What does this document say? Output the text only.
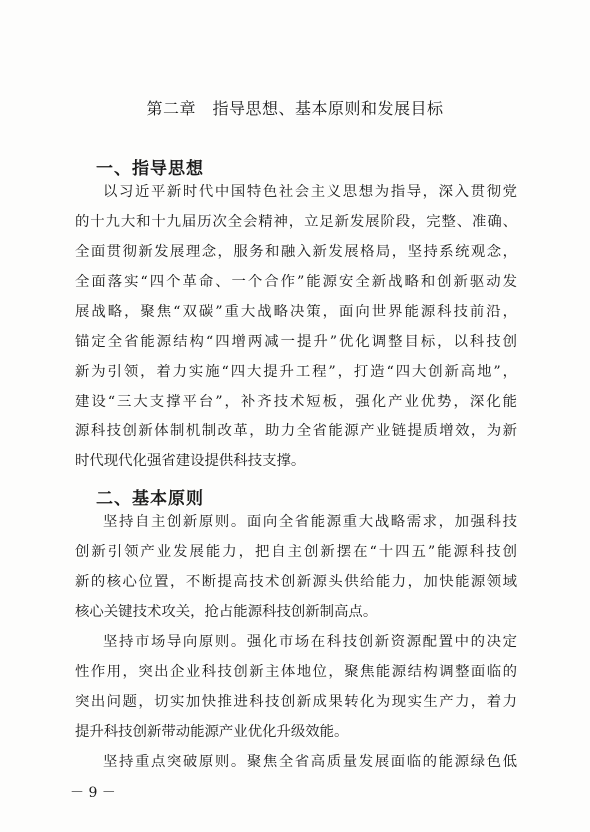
第二章　指导思想、基本原则和发展目标
一、指导思想
以习近平新时代中国特色社会主义思想为指导，深入贯彻党
的十九大和十九届历次全会精神，立足新发展阶段，完整、准确、
全面贯彻新发展理念，服务和融入新发展格局，坚持系统观念，
全面落实“四个革命、一个合作”能源安全新战略和创新驱动发
展战略，聚焦“双碳”重大战略决策，面向世界能源科技前沿，
锚定全省能源结构“四增两减一提升”优化调整目标，以科技创
新为引领，着力实施“四大提升工程”，打造“四大创新高地”，
建设“三大支撑平台”，补齐技术短板，强化产业优势，深化能
源科技创新体制机制改革，助力全省能源产业链提质增效，为新
时代现代化强省建设提供科技支撑。
二、基本原则
坚持自主创新原则。面向全省能源重大战略需求，加强科技
创新引领产业发展能力，把自主创新摆在“十四五”能源科技创
新的核心位置，不断提高技术创新源头供给能力，加快能源领域
核心关键技术攻关，抢占能源科技创新制高点。
坚持市场导向原则。强化市场在科技创新资源配置中的决定
性作用，突出企业科技创新主体地位，聚焦能源结构调整面临的
突出问题，切实加快推进科技创新成果转化为现实生产力，着力
提升科技创新带动能源产业优化升级效能。
坚持重点突破原则。聚焦全省高质量发展面临的能源绿色低
－ 9 －
